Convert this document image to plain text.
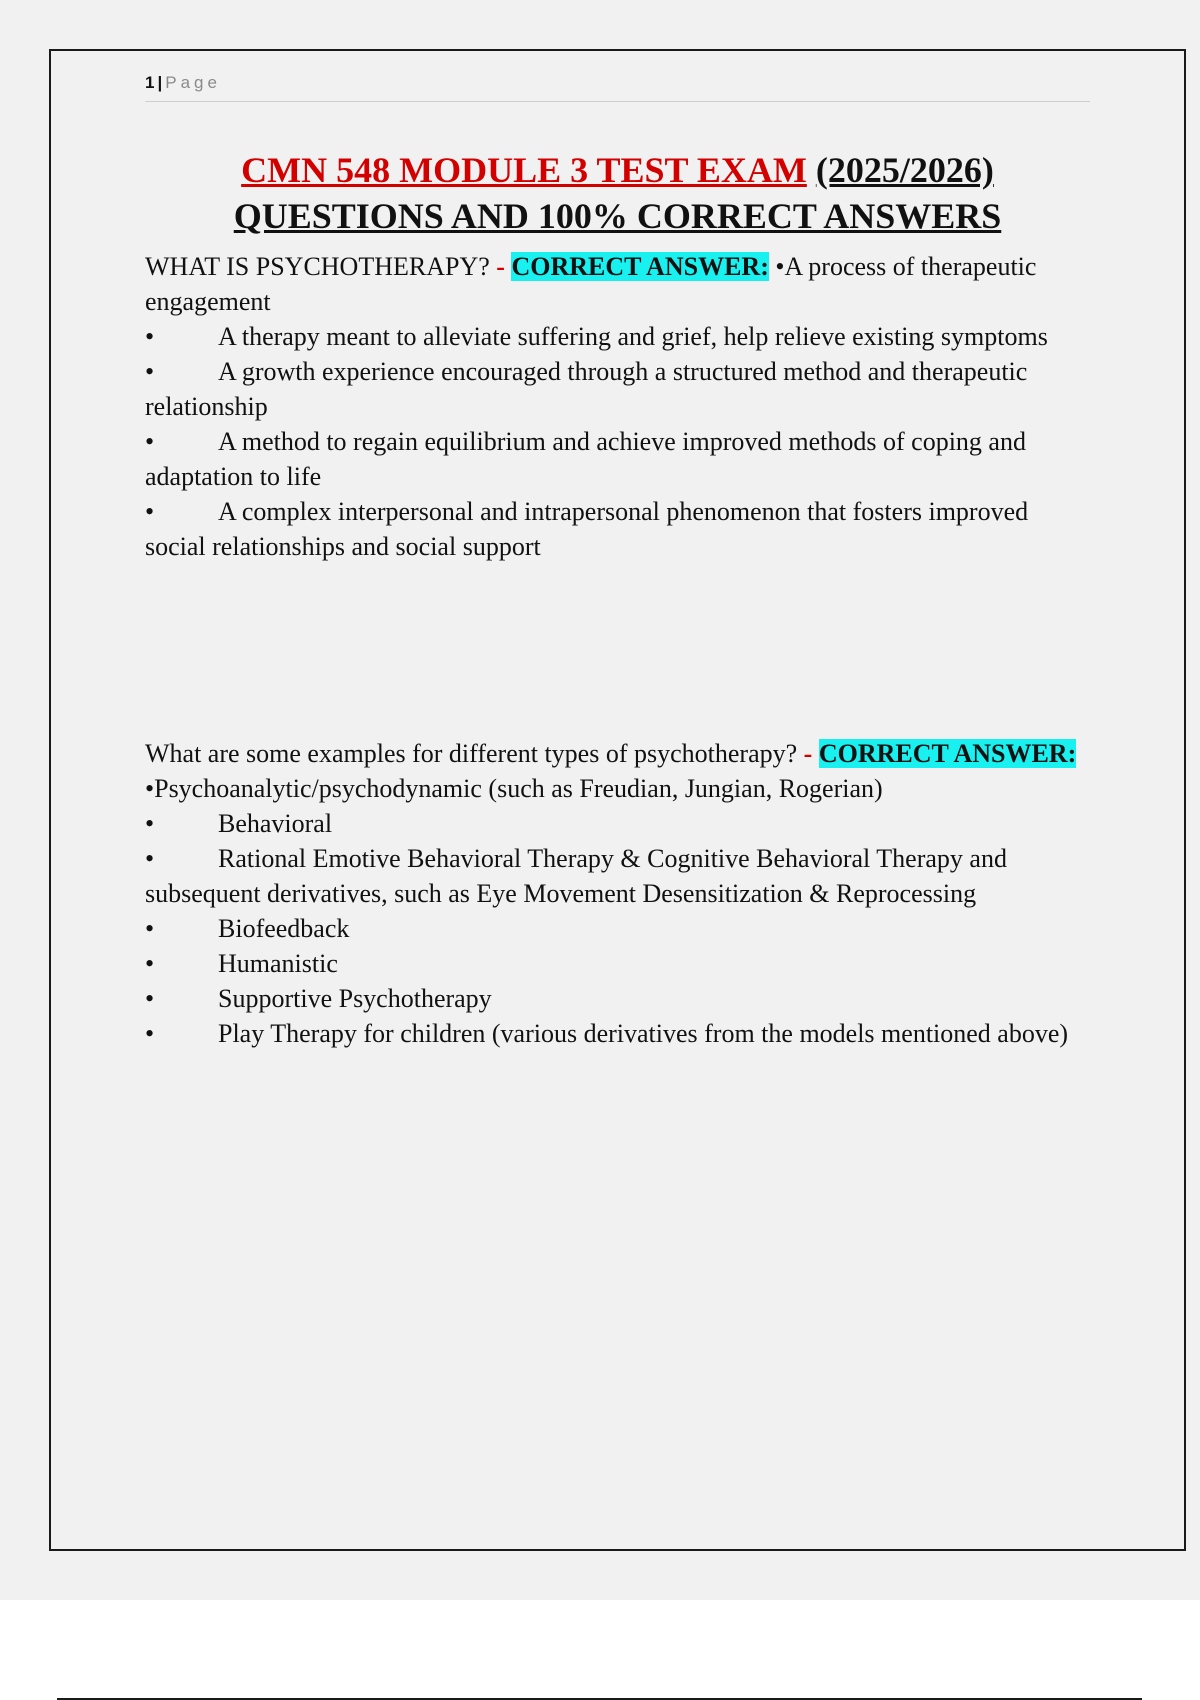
1 | Page
CMN 548 MODULE 3 TEST EXAM (2025/2026)
QUESTIONS AND 100% CORRECT ANSWERS

WHAT IS PSYCHOTHERAPY? - CORRECT ANSWER: •A process of therapeutic engagement

• A therapy meant to alleviate suffering and grief, help relieve existing symptoms

• A growth experience encouraged through a structured method and therapeutic relationship

• A method to regain equilibrium and achieve improved methods of coping and adaptation to life

• A complex interpersonal and intrapersonal phenomenon that fosters improved social relationships and social support

What are some examples for different types of psychotherapy? - CORRECT ANSWER:

•Psychoanalytic/psychodynamic (such as Freudian, Jungian, Rogerian)

• Behavioral

• Rational Emotive Behavioral Therapy & Cognitive Behavioral Therapy and subsequent derivatives, such as Eye Movement Desensitization & Reprocessing

• Biofeedback

• Humanistic

• Supportive Psychotherapy

• Play Therapy for children (various derivatives from the models mentioned above)
